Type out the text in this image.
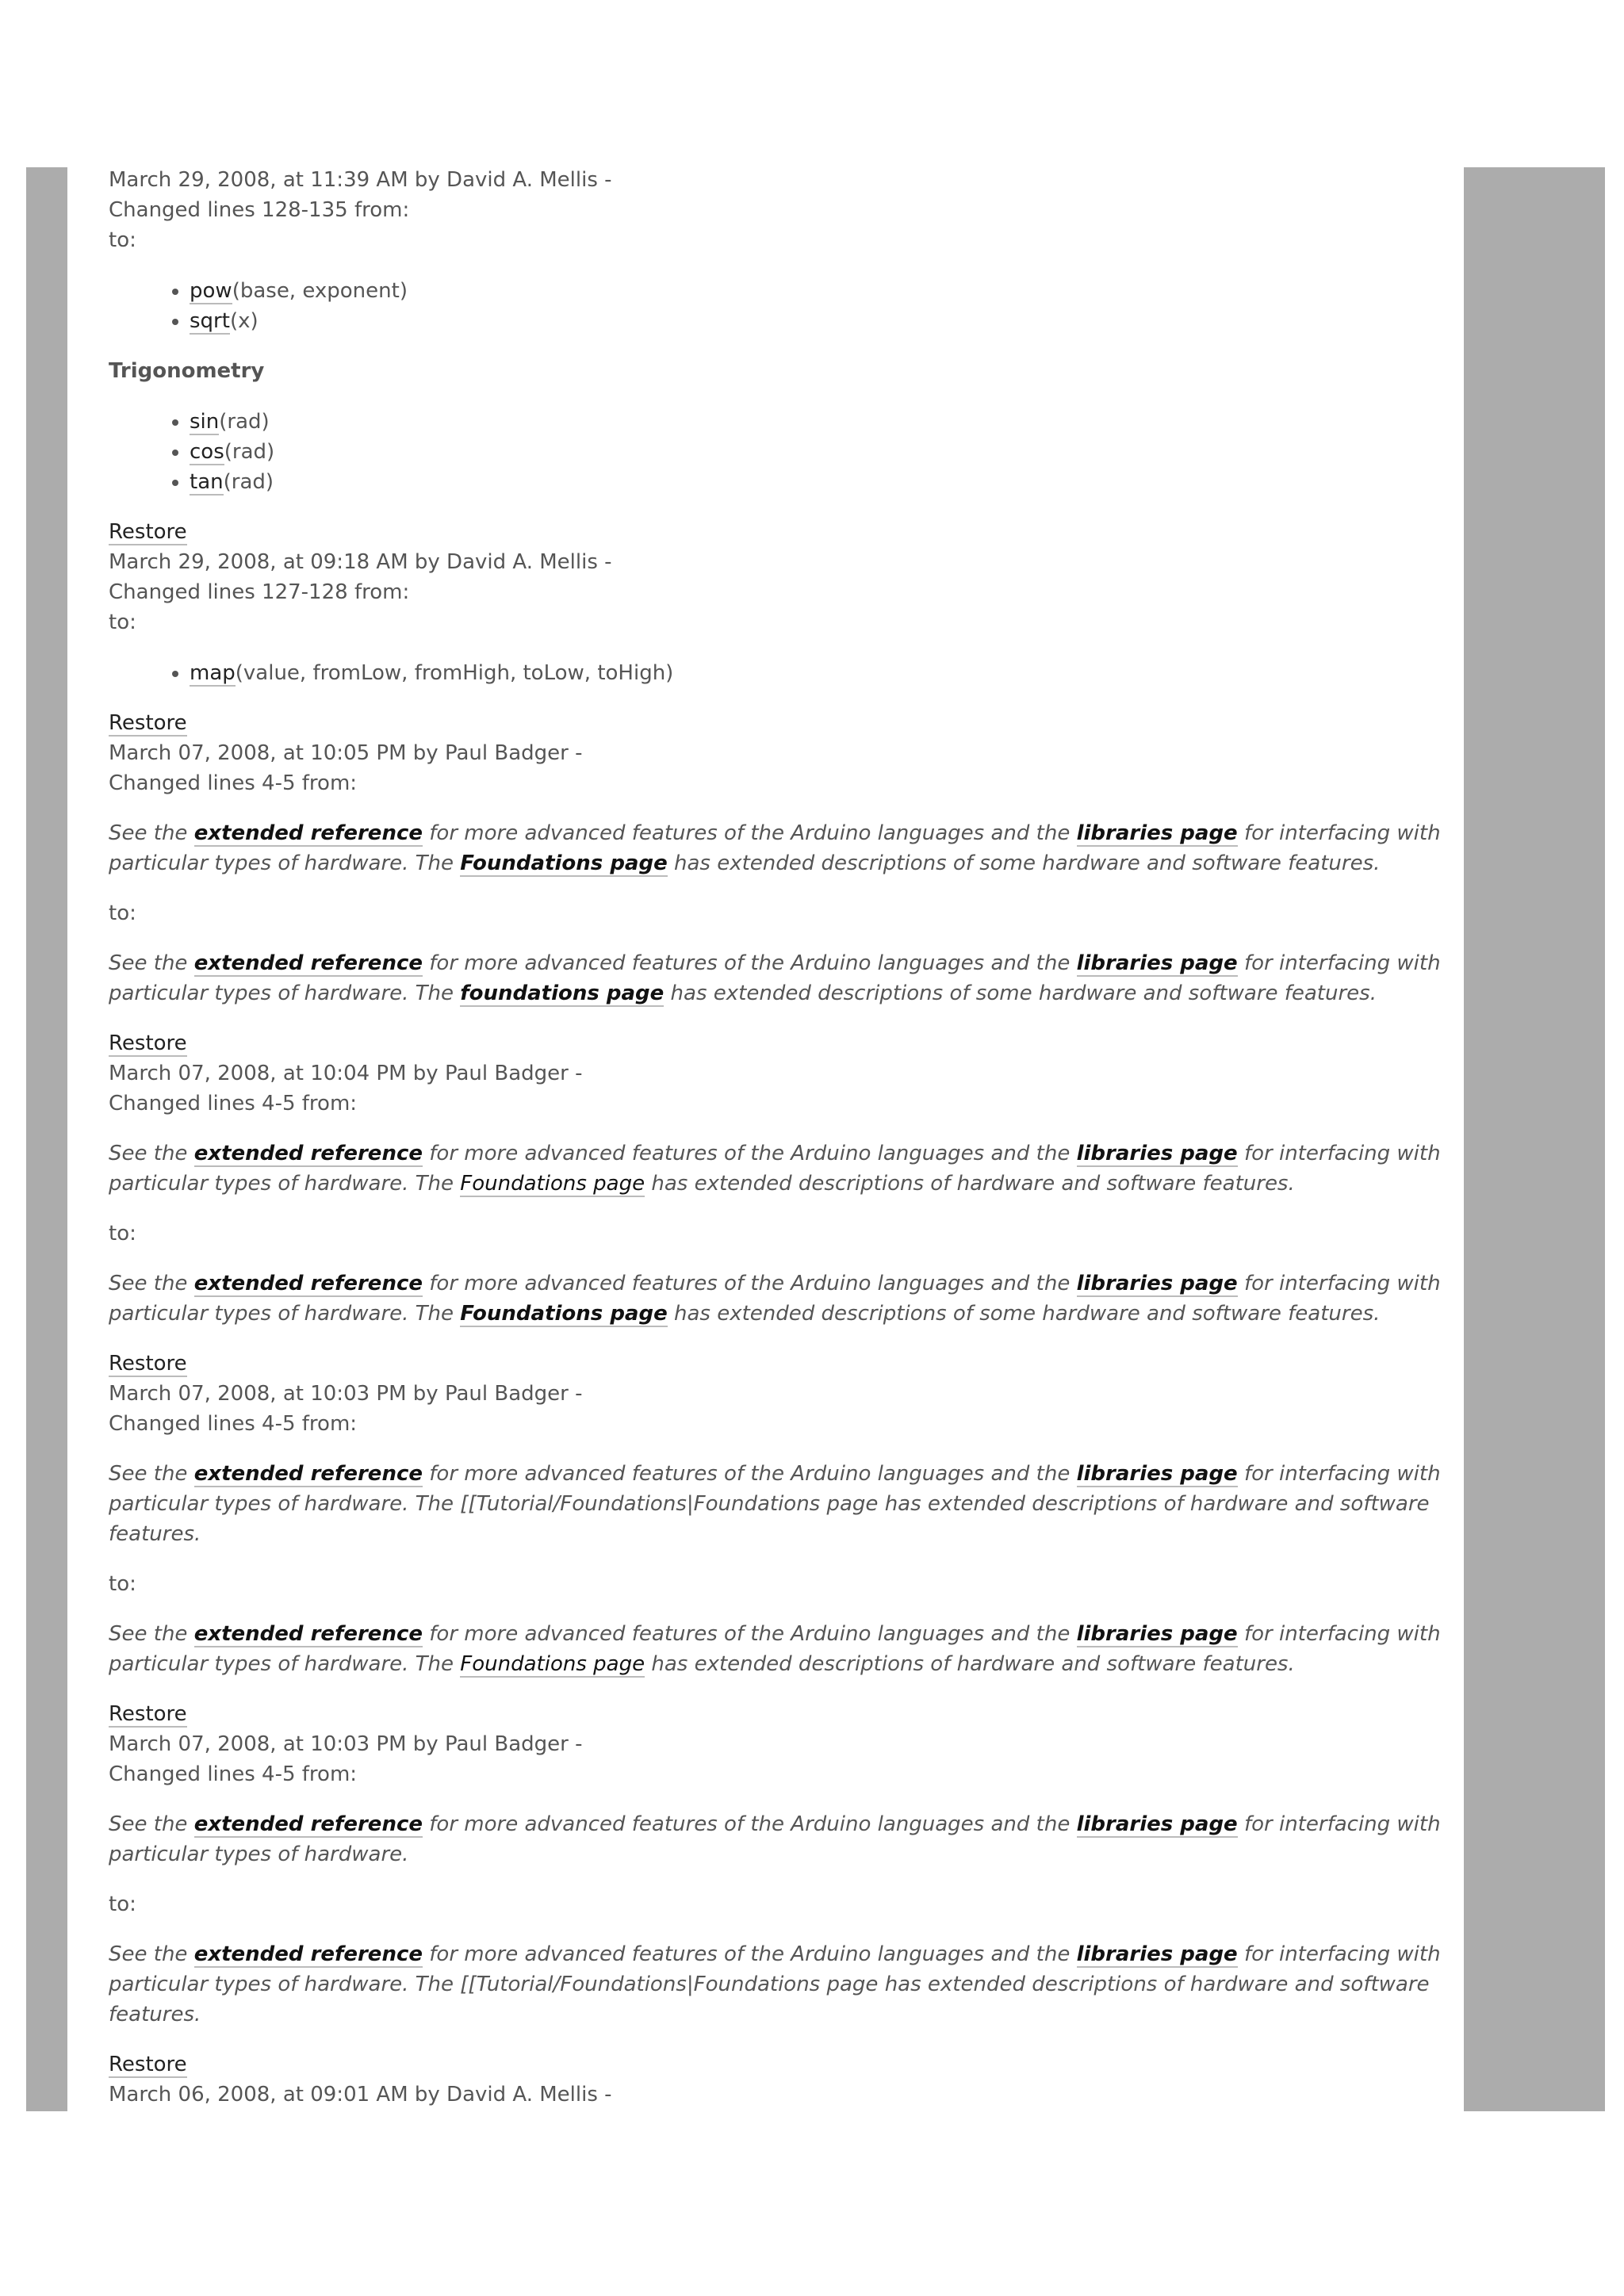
March 29, 2008, at 11:39 AM by David A. Mellis -

Changed lines 128-135 from:

to:

• pow(base, exponent)
• sqrt(x)
Trigonometry
• sin(rad)
• cos(rad)
• tan(rad)

Restore

March 29, 2008, at 09:18 AM by David A. Mellis -

Changed lines 127-128 from:

to:

• map(value, fromLow, fromHigh, toLow, toHigh)

Restore

March 07, 2008, at 10:05 PM by Paul Badger -

Changed lines 4-5 from:

See the extended reference for more advanced features of the Arduino languages and the libraries page for interfacing with particular types of hardware. The Foundations page has extended descriptions of some hardware and software features.

to:

See the extended reference for more advanced features of the Arduino languages and the libraries page for interfacing with particular types of hardware. The foundations page has extended descriptions of some hardware and software features.

Restore

March 07, 2008, at 10:04 PM by Paul Badger -

Changed lines 4-5 from:

See the extended reference for more advanced features of the Arduino languages and the libraries page for interfacing with particular types of hardware. The Foundations page has extended descriptions of hardware and software features.

to:

See the extended reference for more advanced features of the Arduino languages and the libraries page for interfacing with particular types of hardware. The Foundations page has extended descriptions of some hardware and software features.

Restore

March 07, 2008, at 10:03 PM by Paul Badger -

Changed lines 4-5 from:

See the extended reference for more advanced features of the Arduino languages and the libraries page for interfacing with particular types of hardware. The [[Tutorial/Foundations|Foundations page has extended descriptions of hardware and software features.

to:

See the extended reference for more advanced features of the Arduino languages and the libraries page for interfacing with particular types of hardware. The Foundations page has extended descriptions of hardware and software features.

Restore

March 07, 2008, at 10:03 PM by Paul Badger -

Changed lines 4-5 from:

See the extended reference for more advanced features of the Arduino languages and the libraries page for interfacing with particular types of hardware.

to:

See the extended reference for more advanced features of the Arduino languages and the libraries page for interfacing with particular types of hardware. The [[Tutorial/Foundations|Foundations page has extended descriptions of hardware and software features.

Restore

March 06, 2008, at 09:01 AM by David A. Mellis -
